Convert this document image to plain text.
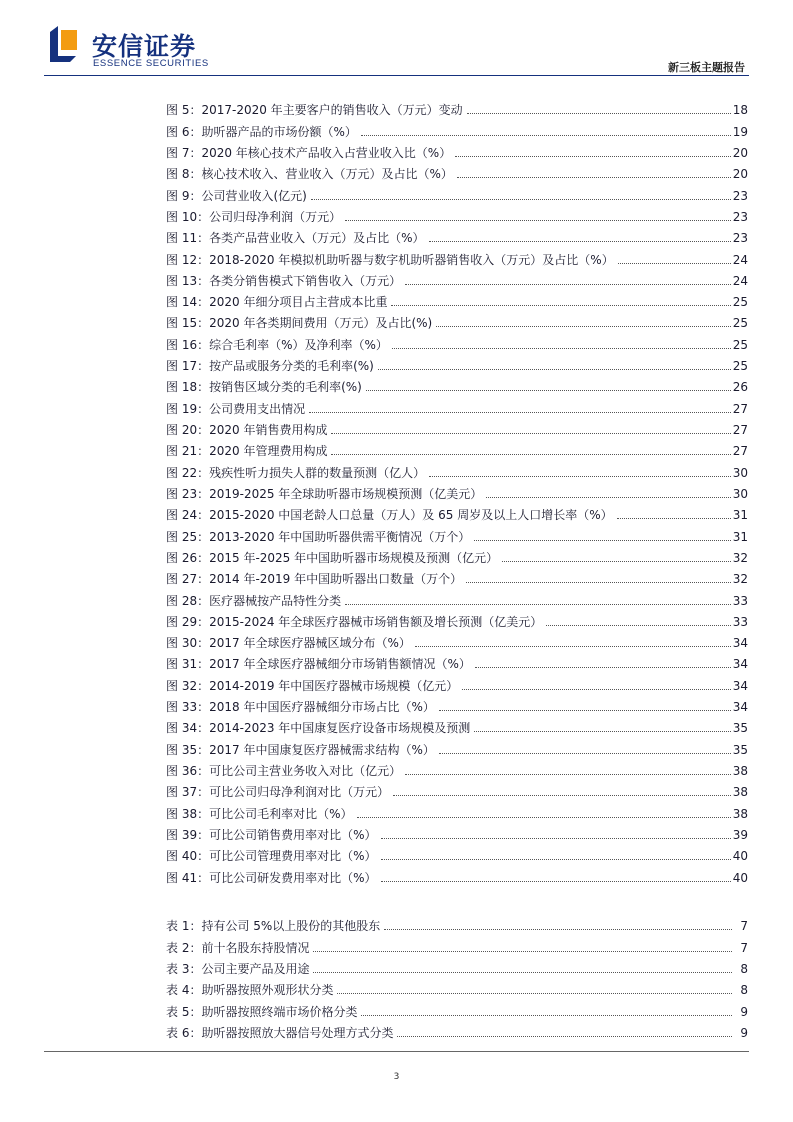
安信证券
ESSENCE SECURITIES	新三板主题报告
图 5：2017-2020 年主要客户的销售收入（万元）变动	18
图 6：助听器产品的市场份额（%）	19
图 7：2020 年核心技术产品收入占营业收入比（%）	20
图 8：核心技术收入、营业收入（万元）及占比（%）	20
图 9：公司营业收入(亿元)	23
图 10：公司归母净利润（万元）	23
图 11：各类产品营业收入（万元）及占比（%）	23
图 12：2018-2020 年模拟机助听器与数字机助听器销售收入（万元）及占比（%）	24
图 13：各类分销售模式下销售收入（万元）	24
图 14：2020 年细分项目占主营成本比重	25
图 15：2020 年各类期间费用（万元）及占比(%)	25
图 16：综合毛利率（%）及净利率（%）	25
图 17：按产品或服务分类的毛利率(%)	25
图 18：按销售区域分类的毛利率(%)	26
图 19：公司费用支出情况	27
图 20：2020 年销售费用构成	27
图 21：2020 年管理费用构成	27
图 22：残疾性听力损失人群的数量预测（亿人）	30
图 23：2019-2025 年全球助听器市场规模预测（亿美元）	30
图 24：2015-2020 中国老龄人口总量（万人）及 65 周岁及以上人口增长率（%）	31
图 25：2013-2020 年中国助听器供需平衡情况（万个）	31
图 26：2015 年-2025 年中国助听器市场规模及预测（亿元）	32
图 27：2014 年-2019 年中国助听器出口数量（万个）	32
图 28：医疗器械按产品特性分类	33
图 29：2015-2024 年全球医疗器械市场销售额及增长预测（亿美元）	33
图 30：2017 年全球医疗器械区域分布（%）	34
图 31：2017 年全球医疗器械细分市场销售额情况（%）	34
图 32：2014-2019 年中国医疗器械市场规模（亿元）	34
图 33：2018 年中国医疗器械细分市场占比（%）	34
图 34：2014-2023 年中国康复医疗设备市场规模及预测	35
图 35：2017 年中国康复医疗器械需求结构（%）	35
图 36：可比公司主营业务收入对比（亿元）	38
图 37：可比公司归母净利润对比（万元）	38
图 38：可比公司毛利率对比（%）	38
图 39：可比公司销售费用率对比（%）	39
图 40：可比公司管理费用率对比（%）	40
图 41：可比公司研发费用率对比（%）	40
表 1：持有公司 5%以上股份的其他股东	7
表 2：前十名股东持股情况	7
表 3：公司主要产品及用途	8
表 4：助听器按照外观形状分类	8
表 5：助听器按照终端市场价格分类	9
表 6：助听器按照放大器信号处理方式分类	9
3
